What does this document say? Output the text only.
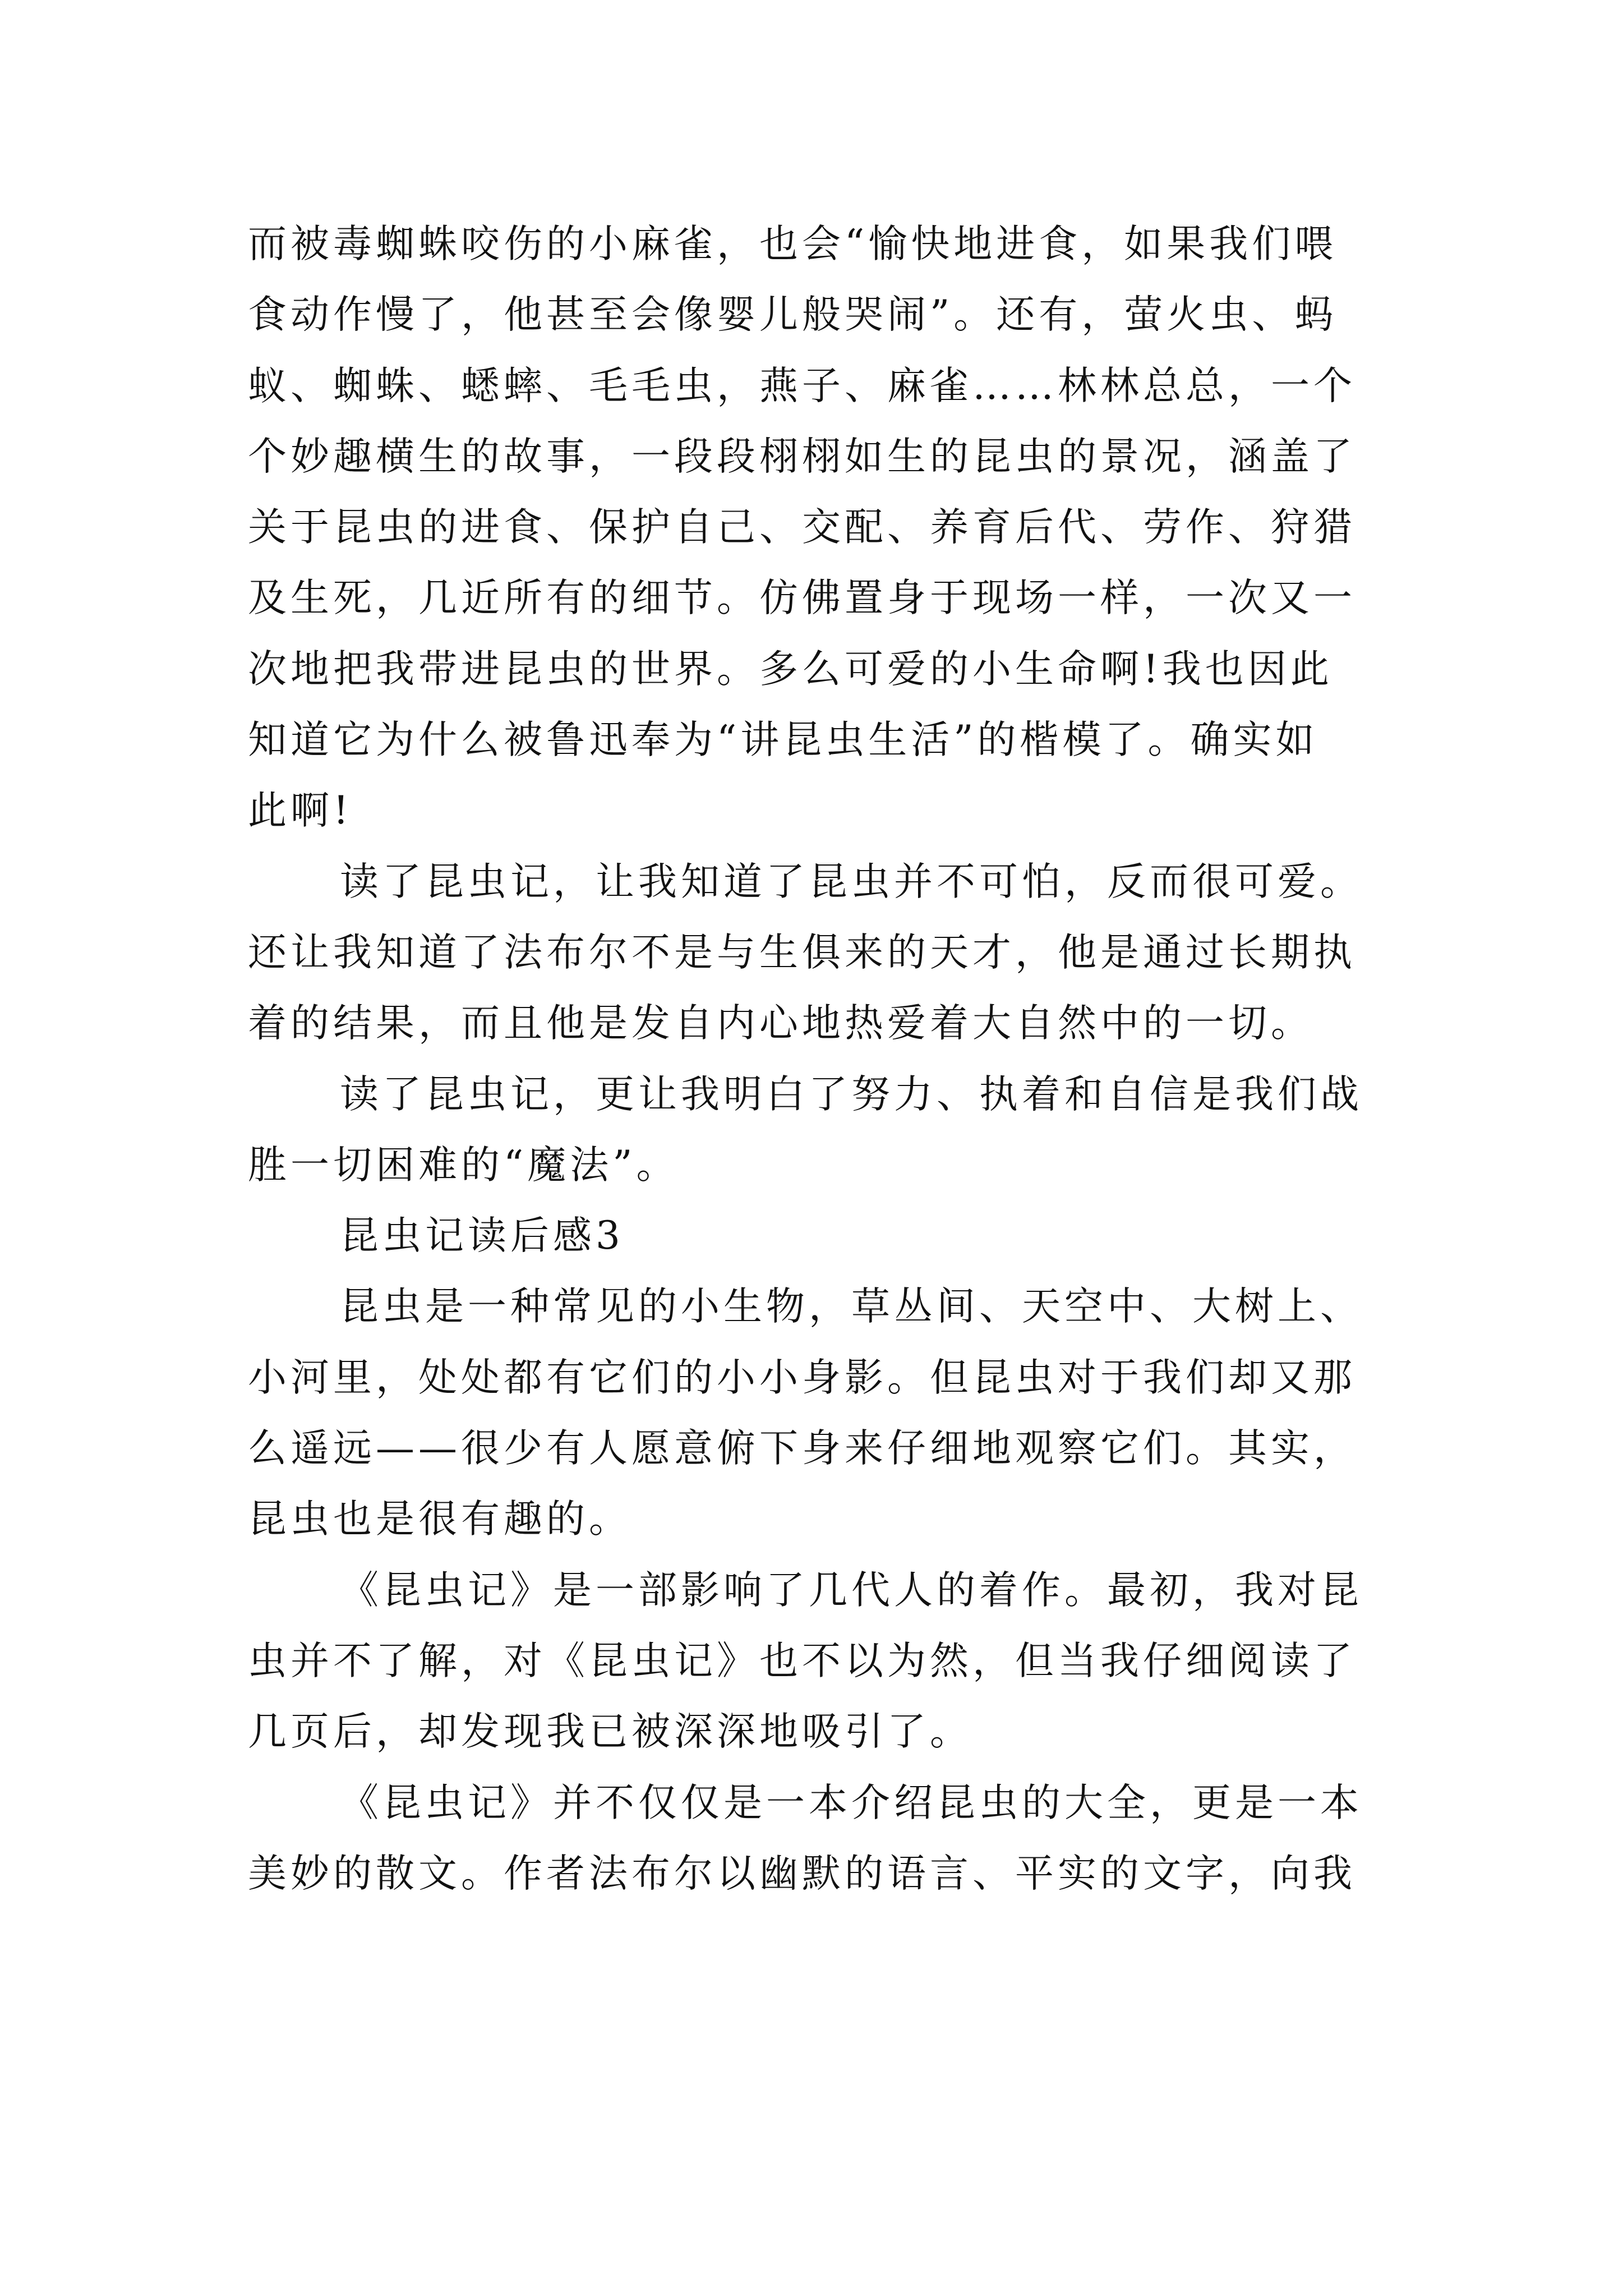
而被毒蜘蛛咬伤的小麻雀，也会“愉快地进食，如果我们喂
食动作慢了，他甚至会像婴儿般哭闹”。还有，萤火虫、蚂
蚁、蜘蛛、蟋蟀、毛毛虫，燕子、麻雀……林林总总，一个
个妙趣横生的故事，一段段栩栩如生的昆虫的景况，涵盖了
关于昆虫的进食、保护自己、交配、养育后代、劳作、狩猎
及生死，几近所有的细节。仿佛置身于现场一样，一次又一
次地把我带进昆虫的世界。多么可爱的小生命啊!我也因此
知道它为什么被鲁迅奉为“讲昆虫生活”的楷模了。确实如
此啊!

读了昆虫记，让我知道了昆虫并不可怕，反而很可爱。
还让我知道了法布尔不是与生俱来的天才，他是通过长期执
着的结果，而且他是发自内心地热爱着大自然中的一切。

读了昆虫记，更让我明白了努力、执着和自信是我们战
胜一切困难的“魔法”。

昆虫记读后感3

昆虫是一种常见的小生物，草丛间、天空中、大树上、
小河里，处处都有它们的小小身影。但昆虫对于我们却又那
么遥远——很少有人愿意俯下身来仔细地观察它们。其实，
昆虫也是很有趣的。

《昆虫记》是一部影响了几代人的着作。最初，我对昆
虫并不了解，对《昆虫记》也不以为然，但当我仔细阅读了
几页后，却发现我已被深深地吸引了。

《昆虫记》并不仅仅是一本介绍昆虫的大全，更是一本
美妙的散文。作者法布尔以幽默的语言、平实的文字，向我
